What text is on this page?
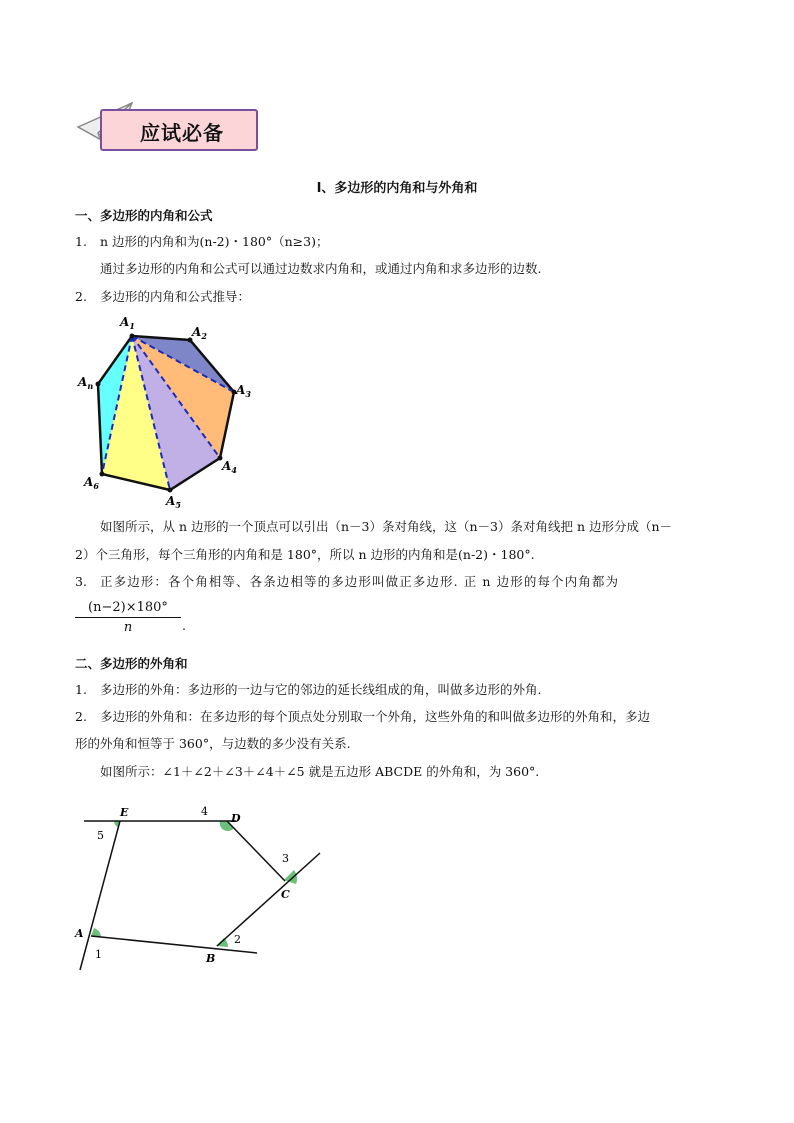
应试必备
Ⅰ、多边形的内角和与外角和
一、多边形的内角和公式
1. n 边形的内角和为(n-2)・180°（n≥3)；
通过多边形的内角和公式可以通过边数求内角和，或通过内角和求多边形的边数.
2. 多边形的内角和公式推导：
$A_1$	$A_2$
$A_3$
$A_4$
$A_5$
$A_6$
$A_n$
如图所示，从 n 边形的一个顶点可以引出（n－3）条对角线，这（n－3）条对角线把 n 边形分成（n－
2）个三角形，每个三角形的内角和是 180°，所以 n 边形的内角和是(n-2)・180°.
3. 正多边形：各个角相等、各条边相等的多边形叫做正多边形. 正 n 边形的每个内角都为
$\frac{(n-2)\times 180^\circ}{n}$ .
二、多边形的外角和
1. 多边形的外角：多边形的一边与它的邻边的延长线组成的角，叫做多边形的外角.
2. 多边形的外角和：在多边形的每个顶点处分别取一个外角，这些外角的和叫做多边形的外角和，多边
形的外角和恒等于 360°，与边数的多少没有关系.
如图所示：∠1＋∠2＋∠3＋∠4＋∠5 就是五边形 ABCDE 的外角和，为 360°.
E	D
C
B
A
1
2
3
4
5
